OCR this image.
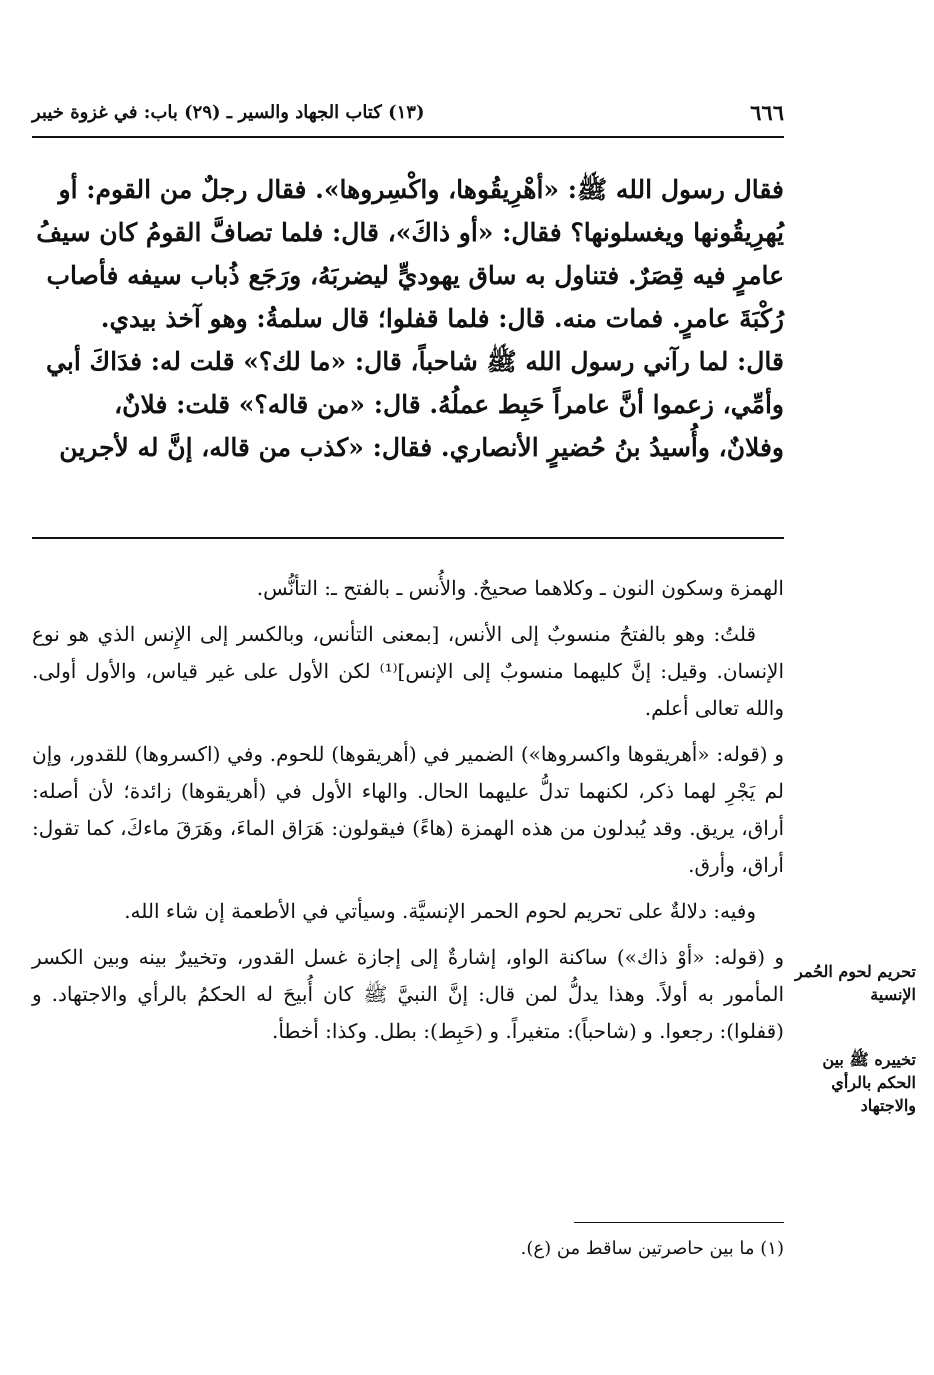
٦٦٦
(١٣) كتاب الجهاد والسير ـ (٢٩) باب: في غزوة خيبر

فقال رسول الله ﷺ: «أهْرِيقُوها، واكْسِروها». فقال رجلٌ من القوم: أو

يُهرِيقُونها ويغسلونها؟ فقال: «أو ذاكَ»، قال: فلما تصافَّ القومُ كان سيفُ

عامرٍ فيه قِصَرٌ. فتناول به ساق يهوديٍّ ليضربَهُ، ورَجَع ذُباب سيفه فأصاب

رُكْبَةَ عامرٍ. فمات منه. قال: فلما قفلوا؛ قال سلمةُ: وهو آخذ بيدي.

قال: لما رآني رسول الله ﷺ شاحباً، قال: «ما لك؟» قلت له: فدَاكَ أبي

وأمِّي، زعموا أنَّ عامراً حَبِط عملُهُ. قال: «من قاله؟» قلت: فلانٌ،

وفلانٌ، وأُسيدُ بنُ حُضيرٍ الأنصاري. فقال: «كذب من قاله، إنَّ له لأجرين

الهمزة وسكون النون ـ وكلاهما صحيحٌ. والأُنس ـ بالفتح ـ: التأنُّس.

قلتُ: وهو بالفتحُ منسوبٌ إلى الأنس، [بمعنى التأنس، وبالكسر إلى الإِنس الذي هو نوع الإنسان. وقيل: إنَّ كليهما منسوبٌ إلى الإنس]⁽¹⁾ لكن الأول على غير قياس، والأول أولى. والله تعالى أعلم.

و (قوله: «أهريقوها واكسروها») الضمير في (أهريقوها) للحوم. وفي (اكسروها) للقدور، وإن لم يَجْرِ لهما ذكر، لكنهما تدلُّ عليهما الحال. والهاء الأول في (أهريقوها) زائدة؛ لأن أصله: أراق، يريق. وقد يُبدلون من هذه الهمزة (هاءً) فيقولون: هَرَاق الماءَ، وهَرَقَ ماءكَ، كما تقول: أراق، وأرق.

وفيه: دلالةٌ على تحريم لحوم الحمر الإنسيَّة. وسيأتي في الأطعمة إن شاء الله.

و (قوله: «أوْ ذاك») ساكنة الواو، إشارةٌ إلى إجازة غسل القدور، وتخييرٌ بينه وبين الكسر المأمور به أولاً. وهذا يدلُّ لمن قال: إنَّ النبيَّ ﷺ كان أُبيحَ له الحكمُ بالرأي والاجتهاد. و (قفلوا): رجعوا. و (شاحباً): متغيراً. و (حَبِط): بطل. وكذا: أخطأ.

تحريم لحوم الحُمر الإنسية
تخييره ﷺ بين الحكم بالرأي والاجتهاد

(١) ما بين حاصرتين ساقط من (ع).
